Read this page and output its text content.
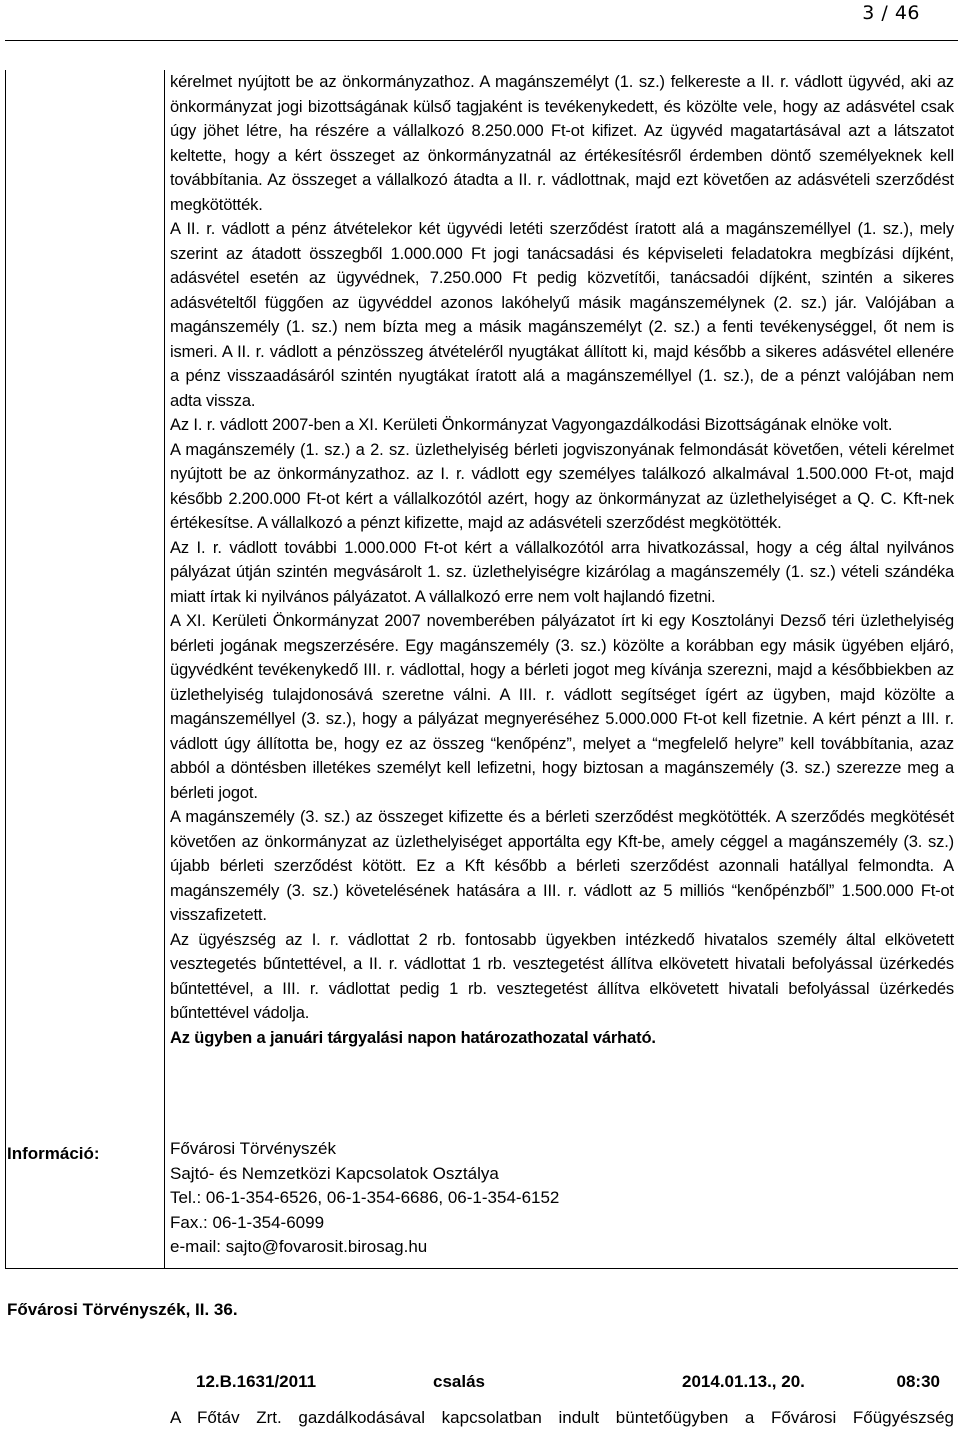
3 / 46

kérelmet nyújtott be az önkormányzathoz. A magánszemélyt (1. sz.) felkereste a II. r. vádlott ügyvéd, aki az önkormányzat jogi bizottságának külső tagjaként is tevékenykedett, és közölte vele, hogy az adásvétel csak úgy jöhet létre, ha részére a vállalkozó 8.250.000 Ft-ot kifizet. Az ügyvéd magatartásával azt a látszatot keltette, hogy a kért összeget az önkormányzatnál az értékesítésről érdemben döntő személyeknek kell továbbítania. Az összeget a vállalkozó átadta a II. r. vádlottnak, majd ezt követően az adásvételi szerződést megkötötték.

A II. r. vádlott a pénz átvételekor két ügyvédi letéti szerződést íratott alá a magánszeméllyel (1. sz.), mely szerint az átadott összegből 1.000.000 Ft jogi tanácsadási és képviseleti feladatokra megbízási díjként, adásvétel esetén az ügyvédnek, 7.250.000 Ft pedig közvetítői, tanácsadói díjként, szintén a sikeres adásvételtől függően az ügyvéddel azonos lakóhelyű másik magánszemélynek (2. sz.) jár. Valójában a magánszemély (1. sz.) nem bízta meg a másik magánszemélyt (2. sz.) a fenti tevékenységgel, őt nem is ismeri. A II. r. vádlott a pénzösszeg átvételéről nyugtákat állított ki, majd később a sikeres adásvétel ellenére a pénz visszaadásáról szintén nyugtákat íratott alá a magánszeméllyel (1. sz.), de a pénzt valójában nem adta vissza.

Az I. r. vádlott 2007-ben a XI. Kerületi Önkormányzat Vagyongazdálkodási Bizottságának elnöke volt.

A magánszemély (1. sz.) a 2. sz. üzlethelyiség bérleti jogviszonyának felmondását követően, vételi kérelmet nyújtott be az önkormányzathoz. az I. r. vádlott egy személyes találkozó alkalmával 1.500.000 Ft-ot, majd később 2.200.000 Ft-ot kért a vállalkozótól azért, hogy az önkormányzat az üzlethelyiséget a Q. C. Kft-nek értékesítse. A vállalkozó a pénzt kifizette, majd az adásvételi szerződést megkötötték.

Az I. r. vádlott további 1.000.000 Ft-ot kért a vállalkozótól arra hivatkozással, hogy a cég által nyilvános pályázat útján szintén megvásárolt 1. sz. üzlethelyiségre kizárólag a magánszemély (1. sz.) vételi szándéka miatt írtak ki nyilvános pályázatot. A vállalkozó erre nem volt hajlandó fizetni.

A XI. Kerületi Önkormányzat 2007 novemberében pályázatot írt ki egy Kosztolányi Dezső téri üzlethelyiség bérleti jogának megszerzésére. Egy magánszemély (3. sz.) közölte a korábban egy másik ügyében eljáró, ügyvédként tevékenykedő III. r. vádlottal, hogy a bérleti jogot meg kívánja szerezni, majd a későbbiekben az üzlethelyiség tulajdonosává szeretne válni. A III. r. vádlott segítséget ígért az ügyben, majd közölte a magánszeméllyel (3. sz.), hogy a pályázat megnyeréséhez 5.000.000 Ft-ot kell fizetnie. A kért pénzt a III. r. vádlott úgy állította be, hogy ez az összeg “kenőpénz”, melyet a “megfelelő helyre” kell továbbítania, azaz abból a döntésben illetékes személyt kell lefizetni, hogy biztosan a magánszemély (3. sz.) szerezze meg a bérleti jogot.

A magánszemély (3. sz.) az összeget kifizette és a bérleti szerződést megkötötték. A szerződés megkötését követően az önkormányzat az üzlethelyiséget apportálta egy Kft-be, amely céggel a magánszemély (3. sz.) újabb bérleti szerződést kötött. Ez a Kft később a bérleti szerződést azonnali hatállyal felmondta. A magánszemély (3. sz.) követelésének hatására a III. r. vádlott az 5 milliós “kenőpénzből” 1.500.000 Ft-ot visszafizetett.

Az ügyészség az I. r. vádlottat 2 rb. fontosabb ügyekben intézkedő hivatalos személy által elkövetett vesztegetés bűntettével, a II. r. vádlottat 1 rb. vesztegetést állítva elkövetett hivatali befolyással üzérkedés bűntettével, a III. r. vádlottat pedig 1 rb. vesztegetést állítva elkövetett hivatali befolyással üzérkedés bűntettével vádolja.

Az ügyben a januári tárgyalási napon határozathozatal várható.

Információ:	Fővárosi Törvényszék
Sajtó- és Nemzetközi Kapcsolatok Osztálya
Tel.: 06-1-354-6526, 06-1-354-6686, 06-1-354-6152
Fax.: 06-1-354-6099
e-mail: sajto@fovarosit.birosag.hu
Fővárosi Törvényszék, II. 36.
12.B.1631/2011	csalás	2014.01.13., 20.	08:30
A Főtáv Zrt. gazdálkodásával kapcsolatban indult büntetőügyben a Fővárosi Főügyészség
